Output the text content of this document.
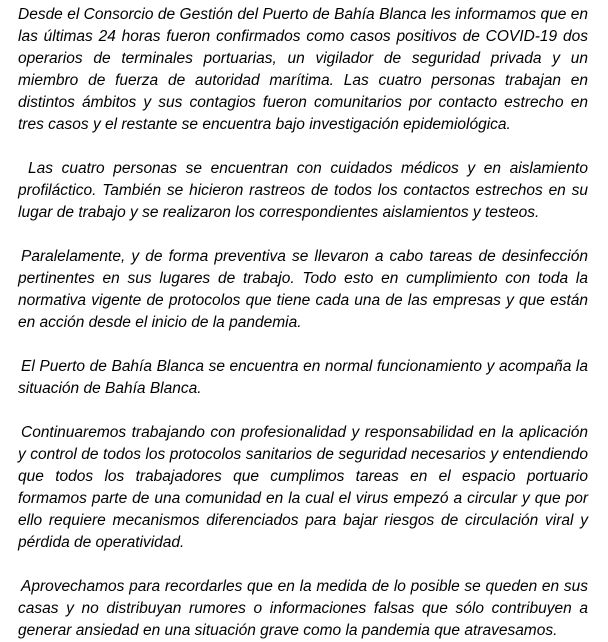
Desde el Consorcio de Gestión del Puerto de Bahía Blanca les informamos que en las últimas 24 horas fueron confirmados como casos positivos de COVID-19 dos operarios de terminales portuarias, un vigilador de seguridad privada y un miembro de fuerza de autoridad marítima. Las cuatro personas trabajan en distintos ámbitos y sus contagios fueron comunitarios por contacto estrecho en tres casos y el restante se encuentra bajo investigación epidemiológica.

Las cuatro personas se encuentran con cuidados médicos y en aislamiento profiláctico. También se hicieron rastreos de todos los contactos estrechos en su lugar de trabajo y se realizaron los correspondientes aislamientos y testeos.

Paralelamente, y de forma preventiva se llevaron a cabo tareas de desinfección pertinentes en sus lugares de trabajo. Todo esto en cumplimiento con toda la normativa vigente de protocolos que tiene cada una de las empresas y que están en acción desde el inicio de la pandemia.

El Puerto de Bahía Blanca se encuentra en normal funcionamiento y acompaña la situación de Bahía Blanca.

Continuaremos trabajando con profesionalidad y responsabilidad en la aplicación y control de todos los protocolos sanitarios de seguridad necesarios y entendiendo que todos los trabajadores que cumplimos tareas en el espacio portuario formamos parte de una comunidad en la cual el virus empezó a circular y que por ello requiere mecanismos diferenciados para bajar riesgos de circulación viral y pérdida de operatividad.

Aprovechamos para recordarles que en la medida de lo posible se queden en sus casas y no distribuyan rumores o informaciones falsas que sólo contribuyen a generar ansiedad en una situación grave como la pandemia que atravesamos.
